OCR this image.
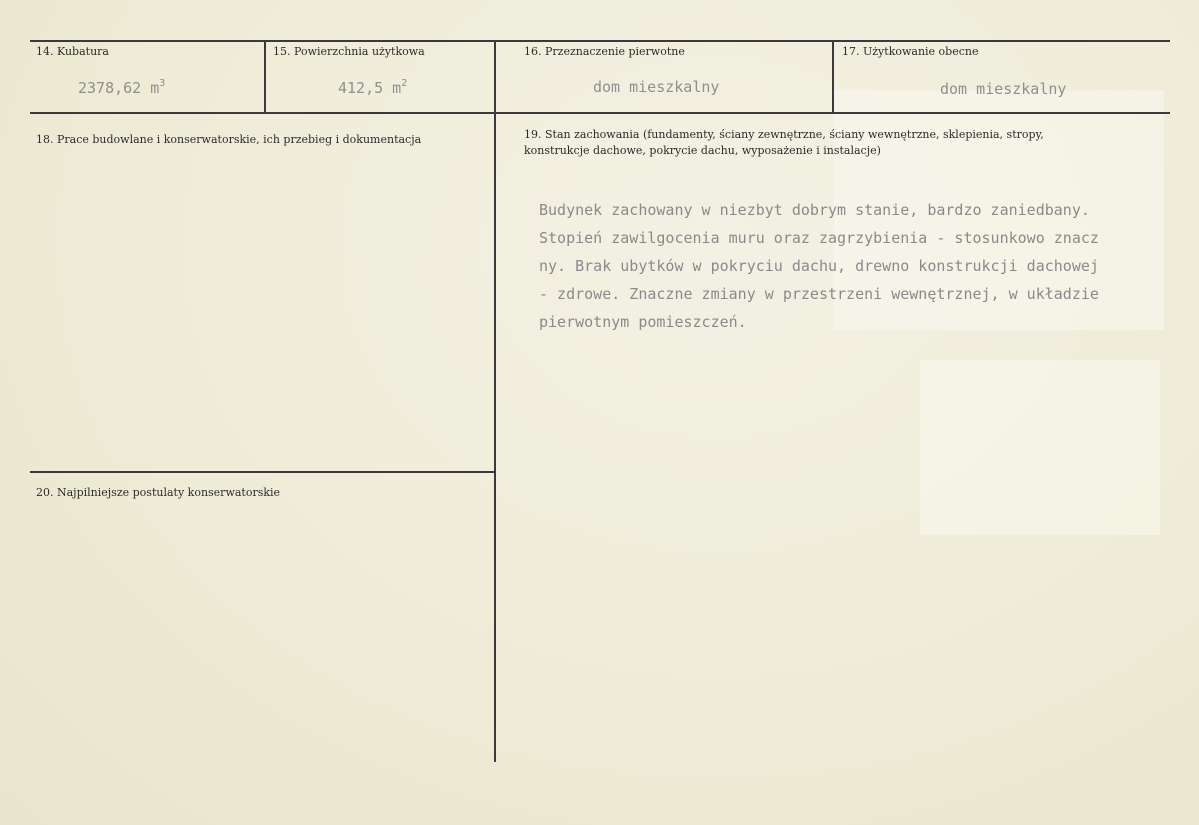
14. Kubatura
2378,62 $m^3$
15. Powierzchnia użytkowa
412,5 $m^2$
16. Przeznaczenie pierwotne
dom mieszkalny
17. Użytkowanie obecne
dom mieszkalny
18. Prace budowlane i konserwatorskie, ich przebieg i dokumentacja	19. Stan zachowania (fundamenty, ściany zewnętrzne, ściany wewnętrzne, sklepienia, stropy, konstrukcje dachowe, pokrycie dachu, wyposażenie i instalacje)
Budynek zachowany w niezbyt dobrym stanie, bardzo zaniedbany.
Stopień zawilgocenia muru oraz zagrzybienia - stosunkowo znacz
ny. Brak ubytków w pokryciu dachu, drewno konstrukcji dachowej
- zdrowe. Znaczne zmiany w przestrzeni wewnętrznej, w układzie
pierwotnym pomieszczeń.
20. Najpilniejsze postulaty konserwatorskie
